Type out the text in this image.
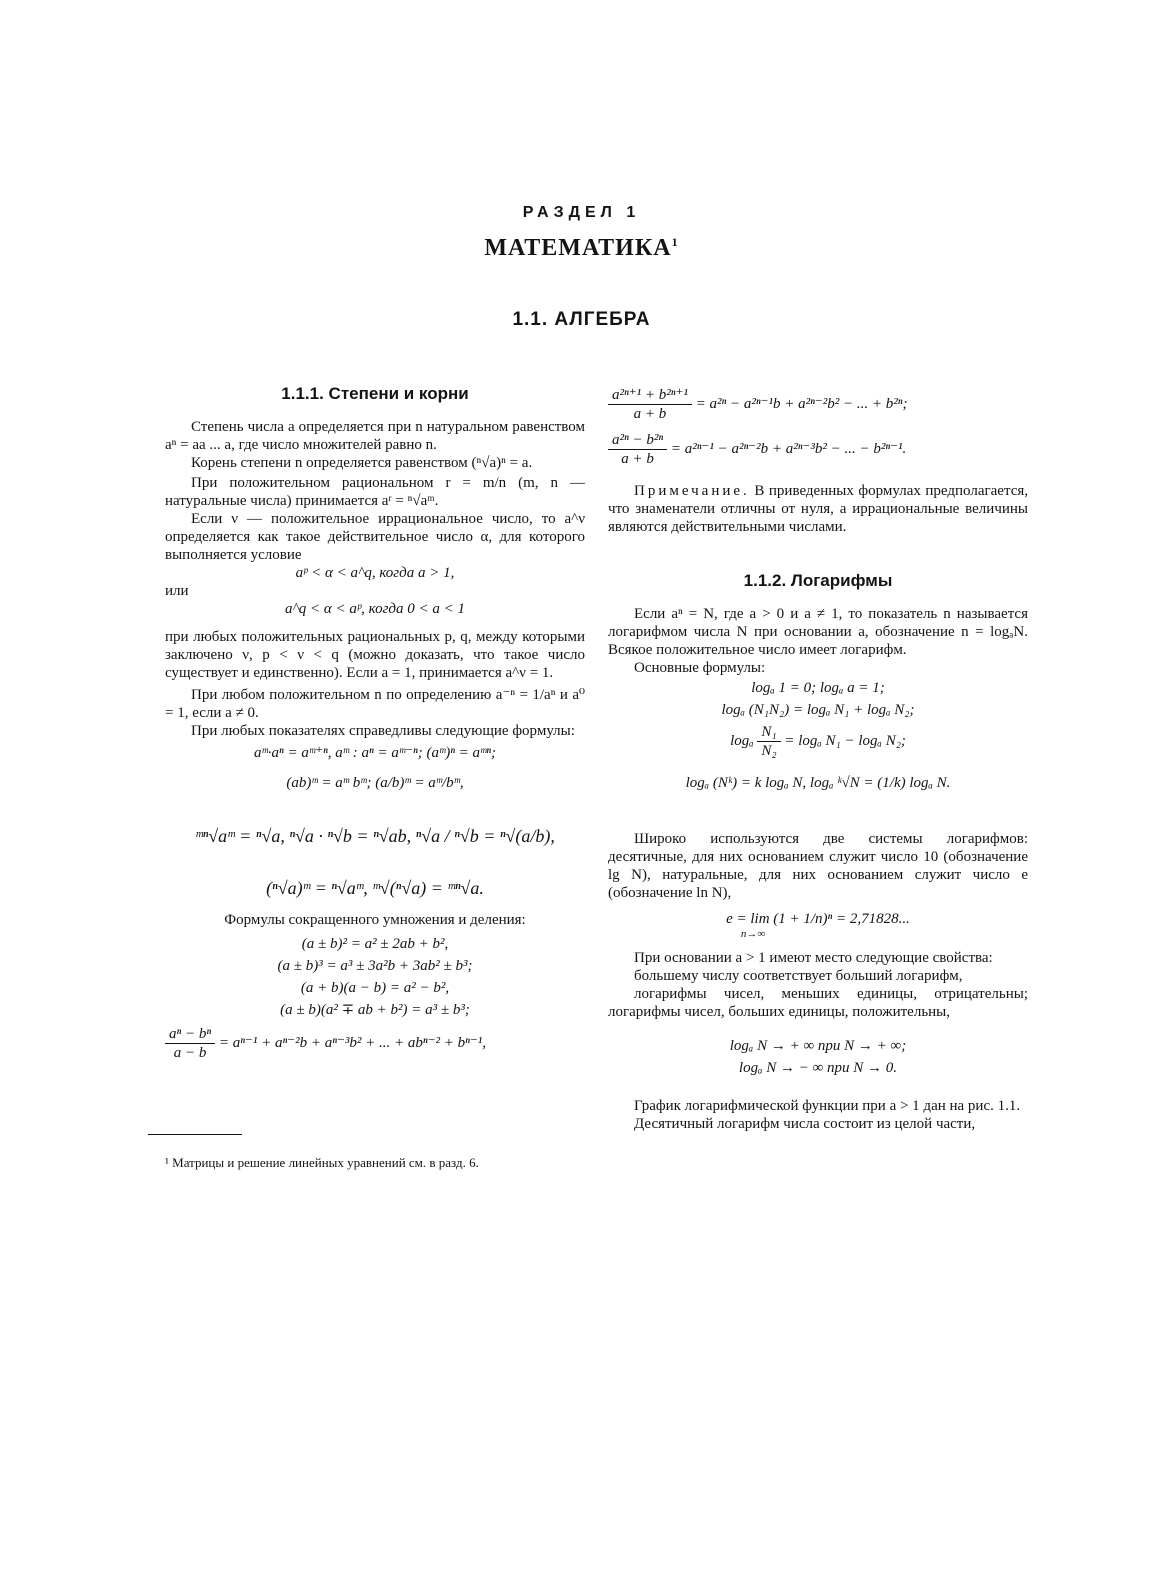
РАЗДЕЛ 1
МАТЕМАТИКА$^1$
1.1. АЛГЕБРА
1.1.1. Степени и корни

Степень числа a определяется при n натуральном равенством aⁿ = aa ... a, где число множителей равно n.

Корень степени n определяется равенством (ⁿ√a)ⁿ = a.

При положительном рациональном r = m/n (m, n — натуральные числа) принимается aʳ = ⁿ√aᵐ.

Если ν — положительное иррациональное число, то a^ν определяется как такое действительное число α, для которого выполняется условие

aᵖ < α < a^q, когда a > 1,
или
a^q < α < aᵖ, когда 0 < a < 1

при любых положительных рациональных p, q, между которыми заключено ν, p < ν < q (можно доказать, что такое число существует и единственно). Если a = 1, принимается a^ν = 1.

При любом положительном n по определению a⁻ⁿ = 1/aⁿ и a⁰ = 1, если a ≠ 0.

При любых показателях справедливы следующие формулы:

aᵐ·aⁿ = aᵐ⁺ⁿ, aᵐ : aⁿ = aᵐ⁻ⁿ; (aᵐ)ⁿ = aᵐⁿ;
(ab)ᵐ = aᵐ bᵐ; (a/b)ᵐ = aᵐ/bᵐ,
ᵐⁿ√aᵐ = ⁿ√a, ⁿ√a · ⁿ√b = ⁿ√ab, ⁿ√a / ⁿ√b = ⁿ√(a/b),
(ⁿ√a)ᵐ = ⁿ√aᵐ, ᵐ√(ⁿ√a) = ᵐⁿ√a.

Формулы сокращенного умножения и деления:

(a ± b)² = a² ± 2ab + b²,
(a ± b)³ = a³ ± 3a²b + 3ab² ± b³;
(a + b)(a − b) = a² − b²,
(a ± b)(a² ∓ ab + b²) = a³ ± b³;
$\frac{\text{aⁿ − bⁿ}}{a - b} = a^{n-1} + a^{n-2}b + a^{n-3}b^2$ + ... + abⁿ⁻² + bⁿ⁻¹,
¹ Матрицы и решение линейных уравнений см. в разд. 6.
$\frac{\text{a²ⁿ⁺¹ + b²ⁿ⁺¹}}{a + b} = a^{2n} - a^{2n-1}b + a^{2n-2}b^2$ − ... + b²ⁿ;
$\frac{\text{a²ⁿ − b²ⁿ}}{a + b} = a^{2n-1} - a^{2n-2}b + a^{2n-3}b^2$ − ... − b²ⁿ⁻¹.

Примечание. В приведенных формулах предполагается, что знаменатели отличны от нуля, а иррациональные величины являются действительными числами.

1.1.2. Логарифмы

Если aⁿ = N, где a > 0 и a ≠ 1, то показатель n называется логарифмом числа N при основании a, обозначение n = logₐN. Всякое положительное число имеет логарифм.

Основные формулы:

logₐ 1 = 0; logₐ a = 1;
logₐ (N₁N₂) = logₐ N₁ + logₐ N₂;
logₐ $\frac{\text{N₁}}{\text{N₂}} = \log_a$ N₁ − logₐ N₂;
logₐ (Nᵏ) = k logₐ N, logₐ ᵏ√N = (1/k) logₐ N.

Широко используются две системы логарифмов: десятичные, для них основанием служит число 10 (обозначение lg N), натуральные, для них основанием служит число e (обозначение ln N),

e = lim (1 + 1/n)ⁿ = 2,71828...
n→∞

При основании a > 1 имеют место следующие свойства:

большему числу соответствует больший логарифм,

логарифмы чисел, меньших единицы, отрицательны; логарифмы чисел, больших единицы, положительны,

logₐ N → + ∞ при N → + ∞;
logₐ N → − ∞ при N → 0.

График логарифмической функции при a > 1 дан на рис. 1.1.

Десятичный логарифм числа состоит из целой части,
